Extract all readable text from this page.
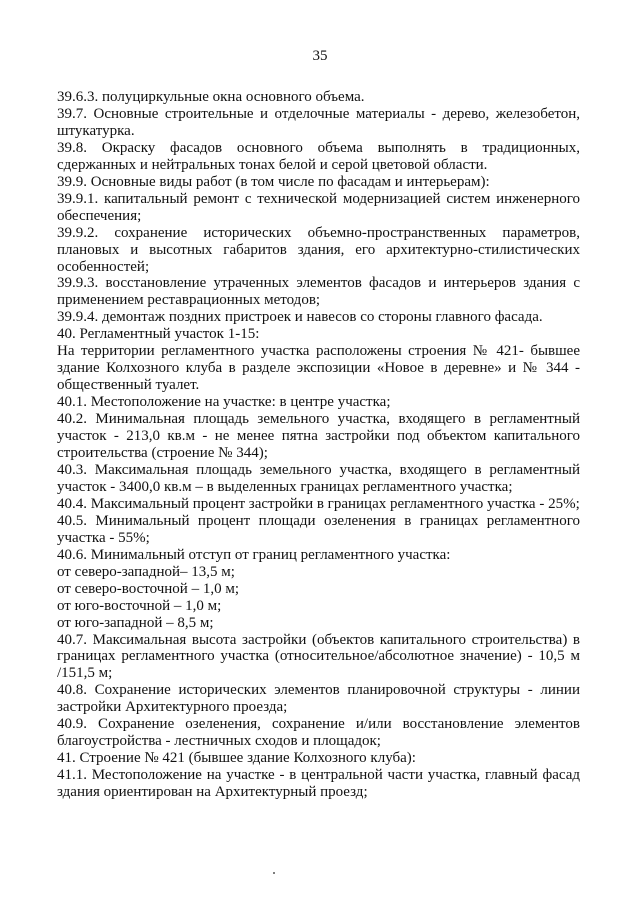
35

39.6.3. полуциркульные окна основного объема.

39.7. Основные строительные и отделочные материалы - дерево, железобетон, штукатурка.

39.8. Окраску фасадов основного объема выполнять в традиционных, сдержанных и нейтральных тонах белой и серой цветовой области.

39.9. Основные виды работ (в том числе по фасадам и интерьерам):

39.9.1. капитальный ремонт с технической модернизацией систем инженерного обеспечения;

39.9.2. сохранение исторических объемно-пространственных параметров, плановых и высотных габаритов здания, его архитектурно-стилистических особенностей;

39.9.3. восстановление утраченных элементов фасадов и интерьеров здания с применением реставрационных методов;

39.9.4. демонтаж поздних пристроек и навесов со стороны главного фасада.

40. Регламентный участок 1-15:

На территории регламентного участка расположены строения № 421- бывшее здание Колхозного клуба в разделе экспозиции «Новое в деревне» и № 344 - общественный туалет.

40.1. Местоположение на участке: в центре участка;

40.2. Минимальная площадь земельного участка, входящего в регламентный участок - 213,0 кв.м - не менее пятна застройки под объектом капитального строительства (строение № 344);

40.3. Максимальная площадь земельного участка, входящего в регламентный участок - 3400,0 кв.м – в выделенных границах регламентного участка;

40.4. Максимальный процент застройки в границах регламентного участка - 25%;

40.5. Минимальный процент площади озеленения в границах регламентного участка - 55%;

40.6. Минимальный отступ от границ регламентного участка:

от северо-западной– 13,5 м;

от северо-восточной – 1,0 м;

от юго-восточной – 1,0 м;

от юго-западной – 8,5 м;

40.7. Максимальная высота застройки (объектов капитального строительства) в границах регламентного участка (относительное/абсолютное значение) - 10,5 м /151,5 м;

40.8. Сохранение исторических элементов планировочной структуры - линии застройки Архитектурного проезда;

40.9. Сохранение озеленения, сохранение и/или восстановление элементов благоустройства - лестничных сходов и площадок;

41. Строение № 421 (бывшее здание Колхозного клуба):

41.1. Местоположение на участке - в центральной части участка, главный фасад здания ориентирован на Архитектурный проезд;
